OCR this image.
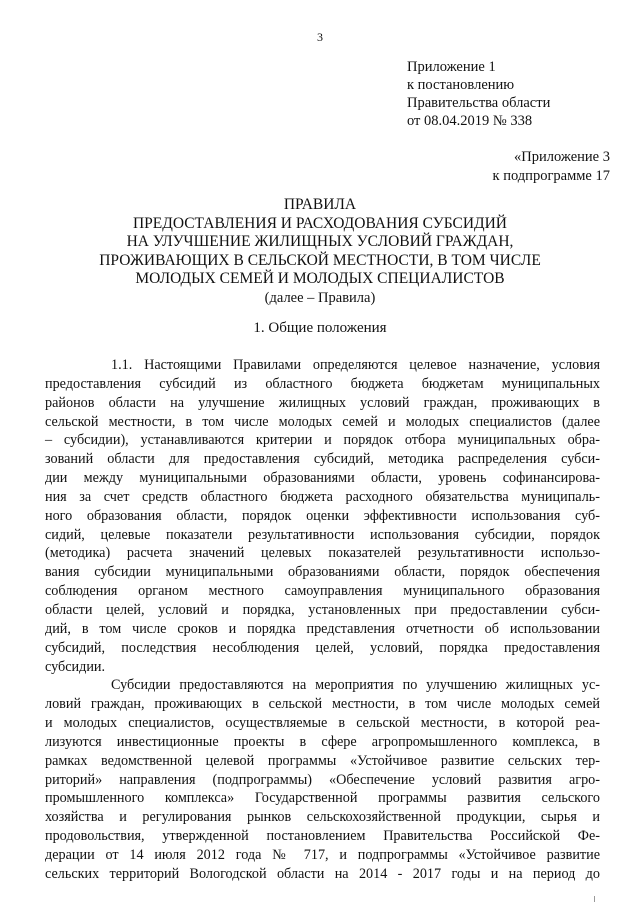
3
Приложение 1
к постановлению
Правительства области
от 08.04.2019 № 338
«Приложение 3
к подпрограмме 17
ПРАВИЛА
ПРЕДОСТАВЛЕНИЯ И РАСХОДОВАНИЯ СУБСИДИЙ
НА УЛУЧШЕНИЕ ЖИЛИЩНЫХ УСЛОВИЙ ГРАЖДАН,
ПРОЖИВАЮЩИХ В СЕЛЬСКОЙ МЕСТНОСТИ, В ТОМ ЧИСЛЕ
МОЛОДЫХ СЕМЕЙ И МОЛОДЫХ СПЕЦИАЛИСТОВ
(далее – Правила)
1. Общие положения
1.1. Настоящими Правилами определяются целевое назначение, условия
предоставления субсидий из областного бюджета бюджетам муниципальных
районов области на улучшение жилищных условий граждан, проживающих в
сельской местности, в том числе молодых семей и молодых специалистов (далее
– субсидии), устанавливаются критерии и порядок отбора муниципальных обра-
зований области для предоставления субсидий, методика распределения субси-
дии между муниципальными образованиями области, уровень софинансирова-
ния за счет средств областного бюджета расходного обязательства муниципаль-
ного образования области, порядок оценки эффективности использования суб-
сидий, целевые показатели результативности использования субсидии, порядок
(методика) расчета значений целевых показателей результативности использо-
вания субсидии муниципальными образованиями области, порядок обеспечения
соблюдения органом местного самоуправления муниципального образования
области целей, условий и порядка, установленных при предоставлении субси-
дий, в том числе сроков и порядка представления отчетности об использовании
субсидий, последствия несоблюдения целей, условий, порядка предоставления
субсидии.
Субсидии предоставляются на мероприятия по улучшению жилищных ус-
ловий граждан, проживающих в сельской местности, в том числе молодых семей
и молодых специалистов, осуществляемые в сельской местности, в которой реа-
лизуются инвестиционные проекты в сфере агропромышленного комплекса, в
рамках ведомственной целевой программы «Устойчивое развитие сельских тер-
риторий» направления (подпрограммы) «Обеспечение условий развития агро-
промышленного комплекса» Государственной программы развития сельского
хозяйства и регулирования рынков сельскохозяйственной продукции, сырья и
продовольствия, утвержденной постановлением Правительства Российской Фе-
дерации от 14 июля 2012 года № 717, и подпрограммы «Устойчивое развитие
сельских территорий Вологодской области на 2014 - 2017 годы и на период до
